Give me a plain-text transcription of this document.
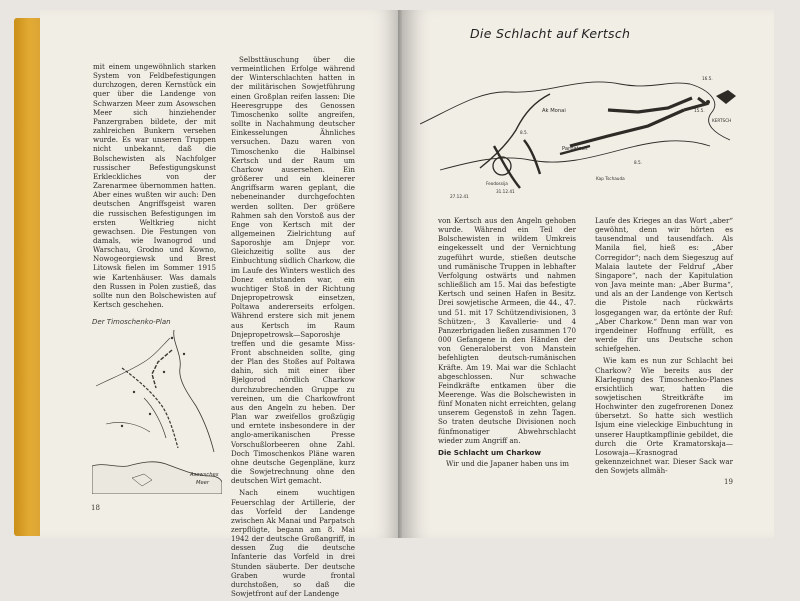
mit einem ungewöhnlich starken System von Feldbefestigungen durchzogen, deren Kernstück ein quer über die Landenge von Schwarzen Meer zum Asowschen Meer sich hinziehender Panzergraben bildete, der mit zahlreichen Bunkern versehen wurde. Es war unseren Truppen nicht unbekannt, daß die Bolschewisten als Nachfolger russischer Befestigungskunst Erkleckliches von der Zarenarmee übernommen hatten. Aber eines wußten wir auch: Den deutschen Angriffsgeist waren die russischen Befestigungen im ersten Weltkrieg nicht gewachsen. Die Festungen von damals, wie Iwanogrod und Warschau, Grodno und Kowno, Nowogeorgiewsk und Brest Litowsk fielen im Sommer 1915 wie Kartenhäuser. Was damals den Russen in Polen zustieß, das sollte nun den Bolschewisten auf Kertsch geschehen.

Der Timoschenko-Plan
Asowsches
Meer

Selbsttäuschung über die vermeintlichen Erfolge während der Winterschlachten hatten in der militärischen Sowjetführung einen Großplan reifen lassen: Die Heeresgruppe des Genossen Timoschenko sollte angreifen, sollte in Nachahmung deutscher Einkesselungen Ähnliches versuchen. Dazu waren von Timoschenko die Halbinsel Kertsch und der Raum um Charkow ausersehen. Ein größerer und ein kleinerer Angriffsarm waren geplant, die nebeneinander durchgefochten werden sollten. Der größere Rahmen sah den Vorstoß aus der Enge von Kertsch mit der allgemeinen Zielrichtung auf Saporoshje am Dnjepr vor. Gleichzeitig sollte aus der Einbuchtung südlich Charkow, die im Laufe des Winters westlich des Donez entstanden war, ein wuchtiger Stoß in der Richtung Dnjepropetrowsk einsetzen, Poltawa andererseits erfolgen. Während erstere sich mit jenem aus Kertsch im Raum Dnjepropetrowsk—Saporoshje treffen und die gesamte Miss-Front abschneiden sollte, ging der Plan des Stoßes auf Poltawa dahin, sich mit einer über Bjelgorod nördlich Charkow durchzubrechenden Gruppe zu vereinen, um die Charkowfront aus den Angeln zu heben. Der Plan war zweifellos großzügig und erntete insbesondere in der anglo-amerikanischen Presse Vorschußlorbeeren ohne Zahl. Doch Timoschenkos Pläne waren ohne deutsche Gegenpläne, kurz die Sowjetrechnung ohne den deutschen Wirt gemacht.

Nach einem wuchtigen Feuerschlag der Artillerie, der das Vorfeld der Landenge zwischen Ak Manai und Parpatsch zerpflügte, begann am 8. Mai 1942 der deutsche Großangriff, in dessen Zug die deutsche Infanterie das Vorfeld in drei Stunden säuberte. Der deutsche Graben wurde frontal durchstoßen, so daß die Sowjetfront auf der Landenge

18
Die Schlacht auf Kertsch
Ak Monai
Parpatsch
Feodossija
31.12.41
27.12.41
Kap Tschauda
KERTSCH
8.5.
8.5.
15.5.
16.5.

von Kertsch aus den Angeln gehoben wurde. Während ein Teil der Bolschewisten in wildem Umkreis eingekesselt und der Vernichtung zugeführt wurde, stießen deutsche und rumänische Truppen in lebhafter Verfolgung ostwärts und nahmen schließlich am 15. Mai das befestigte Kertsch und seinen Hafen in Besitz. Drei sowjetische Armeen, die 44., 47. und 51. mit 17 Schützendivisionen, 3 Schützen-, 3 Kavallerie- und 4 Panzerbrigaden ließen zusammen 170 000 Gefangene in den Händen der von Generaloberst von Manstein befehligten deutsch-rumänischen Kräfte. Am 19. Mai war die Schlacht abgeschlossen. Nur schwache Feindkräfte entkamen über die Meerenge. Was die Bolschewisten in fünf Monaten nicht erreichten, gelang unserem Gegenstoß in zehn Tagen. So traten deutsche Divisionen noch fünfmonatiger Abwehrschlacht wieder zum Angriff an.

Die Schlacht um Charkow

Wir und die Japaner haben uns im

Laufe des Krieges an das Wort „aber“ gewöhnt, denn wir hörten es tausendmal und tausendfach. Als Manila fiel, hieß es: „Aber Corregidor“; nach dem Siegeszug auf Malaia lautete der Feldruf „Aber Singapore“, nach der Kapitulation von Java meinte man: „Aber Burma“, und als an der Landenge von Kertsch die Pistole nach rückwärts losgegangen war, da ertönte der Ruf: „Aber Charkow.“ Denn man war von irgendeiner Hoffnung erfüllt, es werde für uns Deutsche schon schiefgehen.

Wie kam es nun zur Schlacht bei Charkow? Wie bereits aus der Klarlegung des Timoschenko-Planes ersichtlich war, hatten die sowjetischen Streitkräfte im Hochwinter den zugefrorenen Donez übersetzt. So hatte sich westlich Isjum eine vieleckige Einbuchtung in unserer Hauptkampflinie gebildet, die durch die Orte Kramatorskaja—Losowaja—Krasnograd gekennzeichnet war. Dieser Sack war den Sowjets allmäh-

19
